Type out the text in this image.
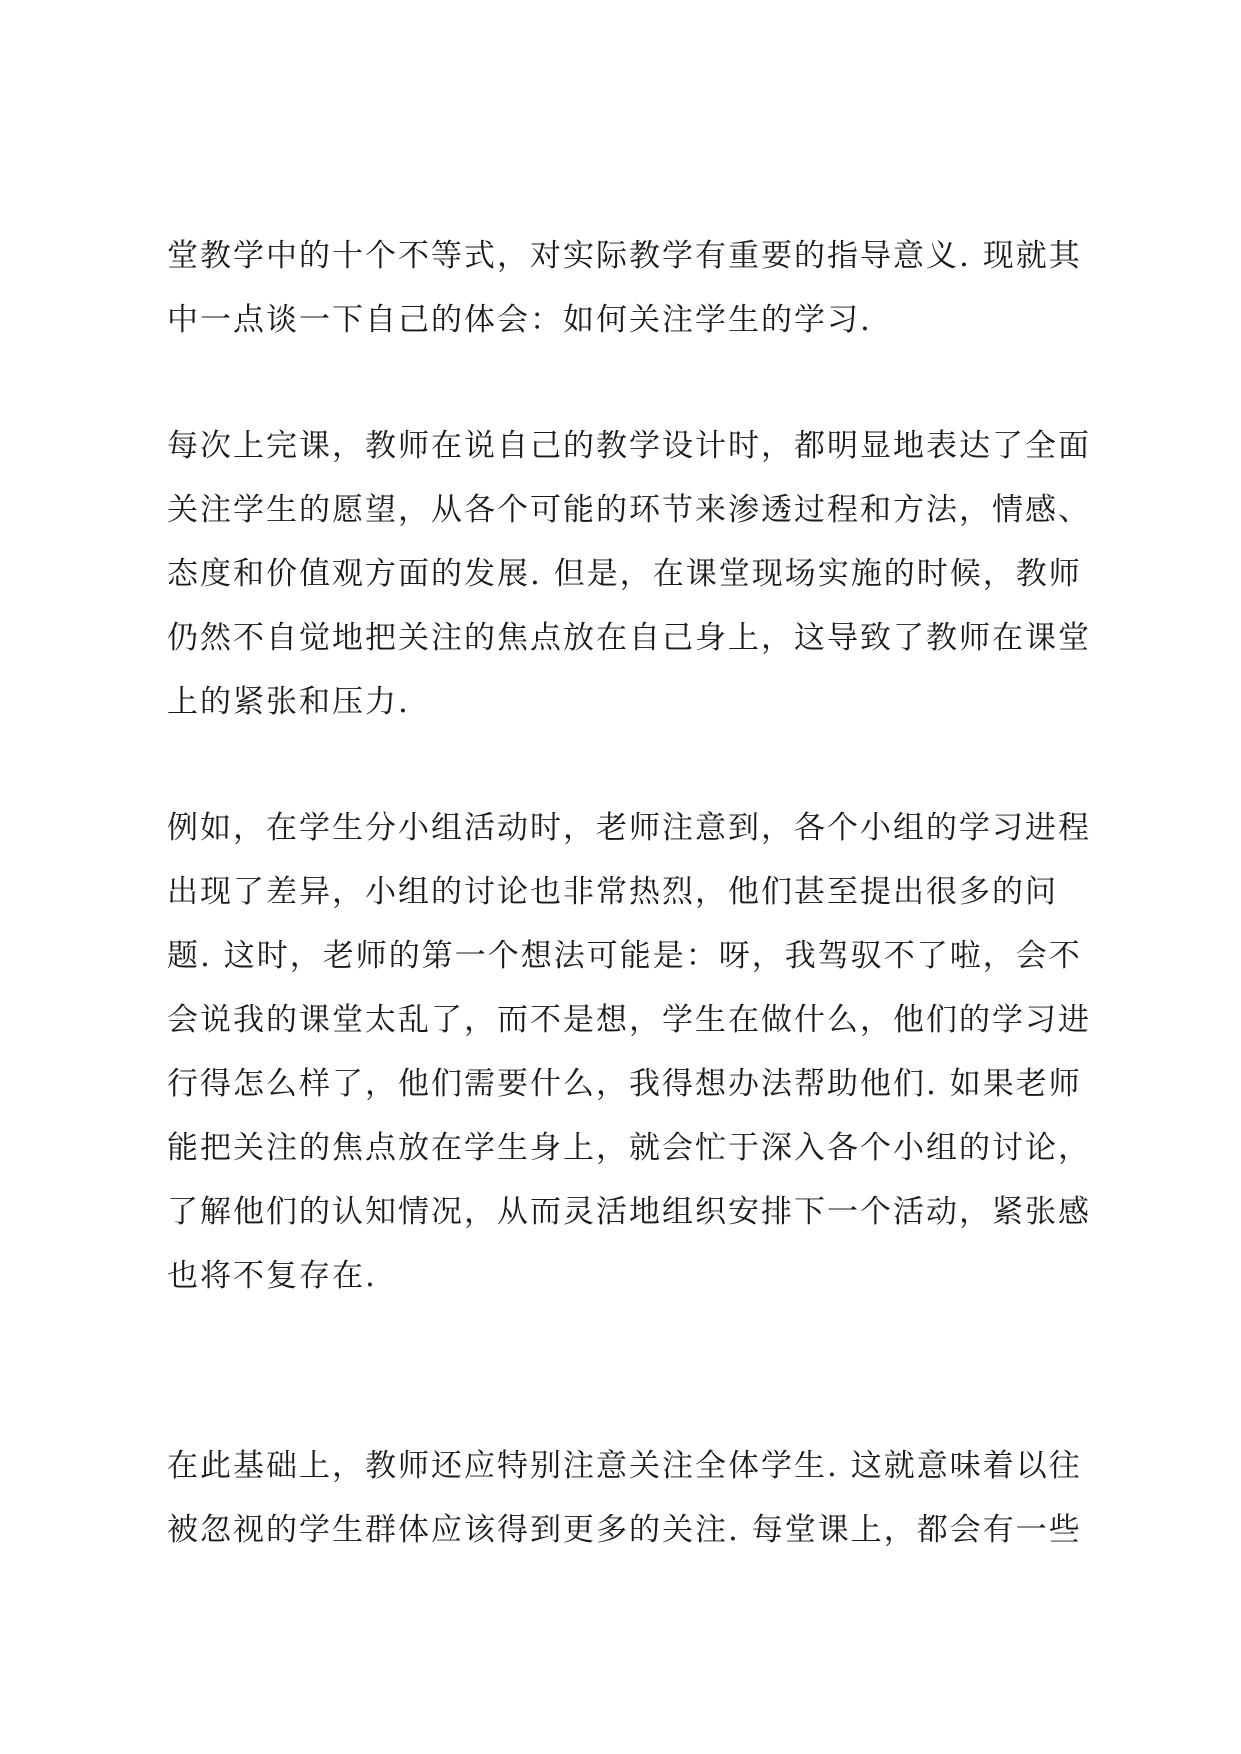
堂教学中的十个不等式，对实际教学有重要的指导意义. 现就其
中一点谈一下自己的体会：如何关注学生的学习.
每次上完课，教师在说自己的教学设计时，都明显地表达了全面
关注学生的愿望，从各个可能的环节来渗透过程和方法，情感、
态度和价值观方面的发展. 但是，在课堂现场实施的时候，教师
仍然不自觉地把关注的焦点放在自己身上，这导致了教师在课堂
上的紧张和压力.
例如，在学生分小组活动时，老师注意到，各个小组的学习进程
出现了差异，小组的讨论也非常热烈，他们甚至提出很多的问
题. 这时，老师的第一个想法可能是：呀，我驾驭不了啦，会不
会说我的课堂太乱了，而不是想，学生在做什么，他们的学习进
行得怎么样了，他们需要什么，我得想办法帮助他们. 如果老师
能把关注的焦点放在学生身上，就会忙于深入各个小组的讨论，
了解他们的认知情况，从而灵活地组织安排下一个活动，紧张感
也将不复存在.
在此基础上，教师还应特别注意关注全体学生. 这就意味着以往
被忽视的学生群体应该得到更多的关注. 每堂课上，都会有一些
